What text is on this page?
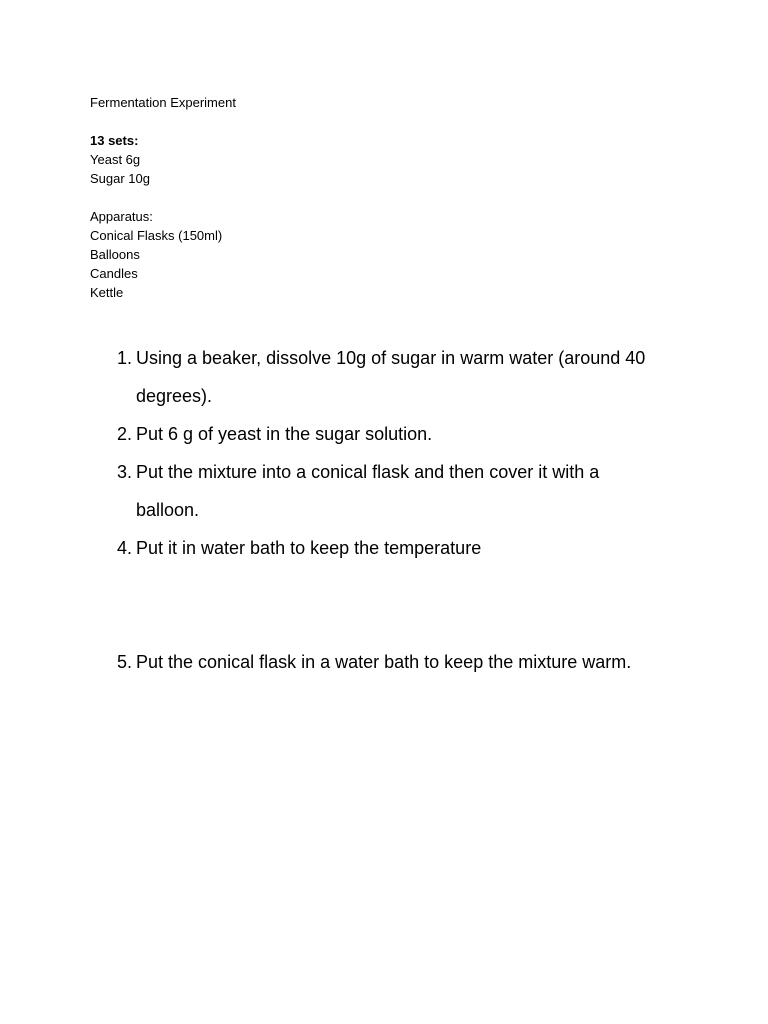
Fermentation Experiment
13 sets:
Yeast 6g
Sugar 10g
Apparatus:
Conical Flasks (150ml)
Balloons
Candles
Kettle
1. Using a beaker, dissolve 10g of sugar in warm water (around 40 degrees).
2. Put 6 g of yeast in the sugar solution.
3. Put the mixture into a conical flask and then cover it with a balloon.
4. Put it in water bath to keep the temperature
5. Put the conical flask in a water bath to keep the mixture warm.
